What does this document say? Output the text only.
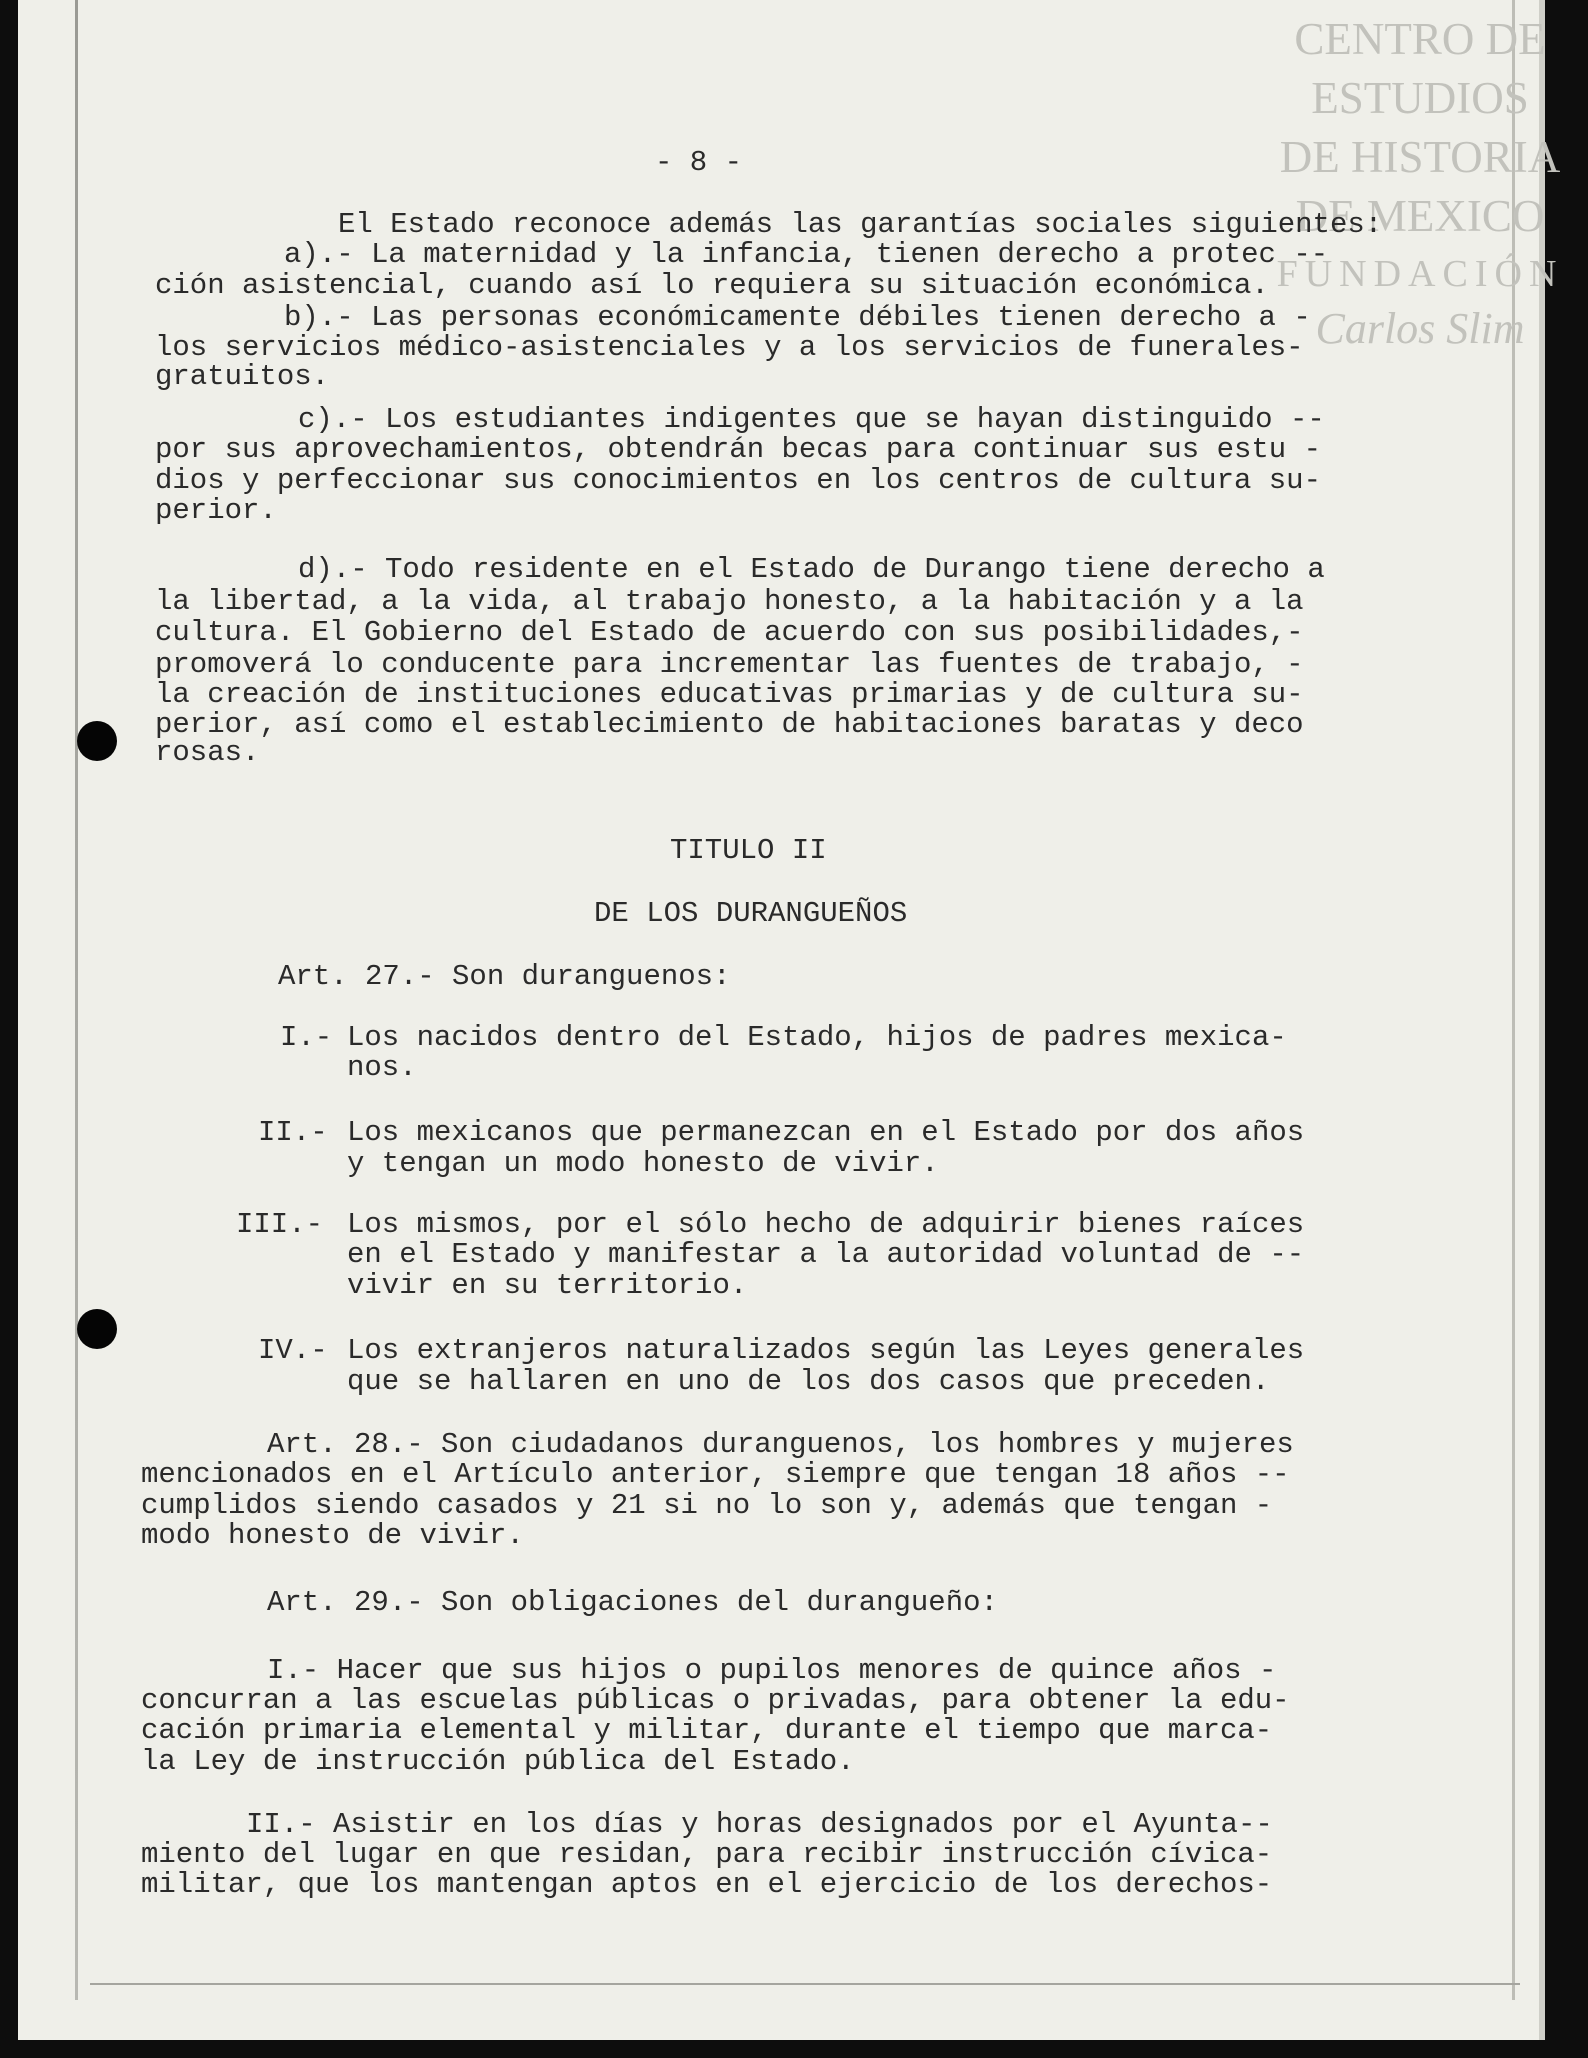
CENTRO DE
ESTUDIOS
DE HISTORIA
DE MEXICO
FUNDACIÓN
Carlos Slim
- 8 -
El Estado reconoce además las garantías sociales siguientes:
a).- La maternidad y la infancia, tienen derecho a protec --
ción asistencial, cuando así lo requiera su situación económica.
b).- Las personas económicamente débiles tienen derecho a -
los servicios médico-asistenciales y a los servicios de funerales-
gratuitos.
c).- Los estudiantes indigentes que se hayan distinguido --
por sus aprovechamientos, obtendrán becas para continuar sus estu -
dios y perfeccionar sus conocimientos en los centros de cultura su-
perior.
d).- Todo residente en el Estado de Durango tiene derecho a
la libertad, a la vida, al trabajo honesto, a la habitación y a la
cultura. El Gobierno del Estado de acuerdo con sus posibilidades,-
promoverá lo conducente para incrementar las fuentes de trabajo, -
la creación de instituciones educativas primarias y de cultura su-
perior, así como el establecimiento de habitaciones baratas y deco
rosas.
TITULO II
DE LOS DURANGUEÑOS
Art. 27.- Son duranguenos:
I.- Los nacidos dentro del Estado, hijos de padres mexica-
nos.
II.- Los mexicanos que permanezcan en el Estado por dos años
y tengan un modo honesto de vivir.
III.- Los mismos, por el sólo hecho de adquirir bienes raíces
en el Estado y manifestar a la autoridad voluntad de --
vivir en su territorio.
IV.- Los extranjeros naturalizados según las Leyes generales
que se hallaren en uno de los dos casos que preceden.
Art. 28.- Son ciudadanos duranguenos, los hombres y mujeres
mencionados en el Artículo anterior, siempre que tengan 18 años --
cumplidos siendo casados y 21 si no lo son y, además que tengan -
modo honesto de vivir.
Art. 29.- Son obligaciones del durangueño:
I.- Hacer que sus hijos o pupilos menores de quince años -
concurran a las escuelas públicas o privadas, para obtener la edu-
cación primaria elemental y militar, durante el tiempo que marca-
la Ley de instrucción pública del Estado.
II.- Asistir en los días y horas designados por el Ayunta--
miento del lugar en que residan, para recibir instrucción cívica-
militar, que los mantengan aptos en el ejercicio de los derechos-
